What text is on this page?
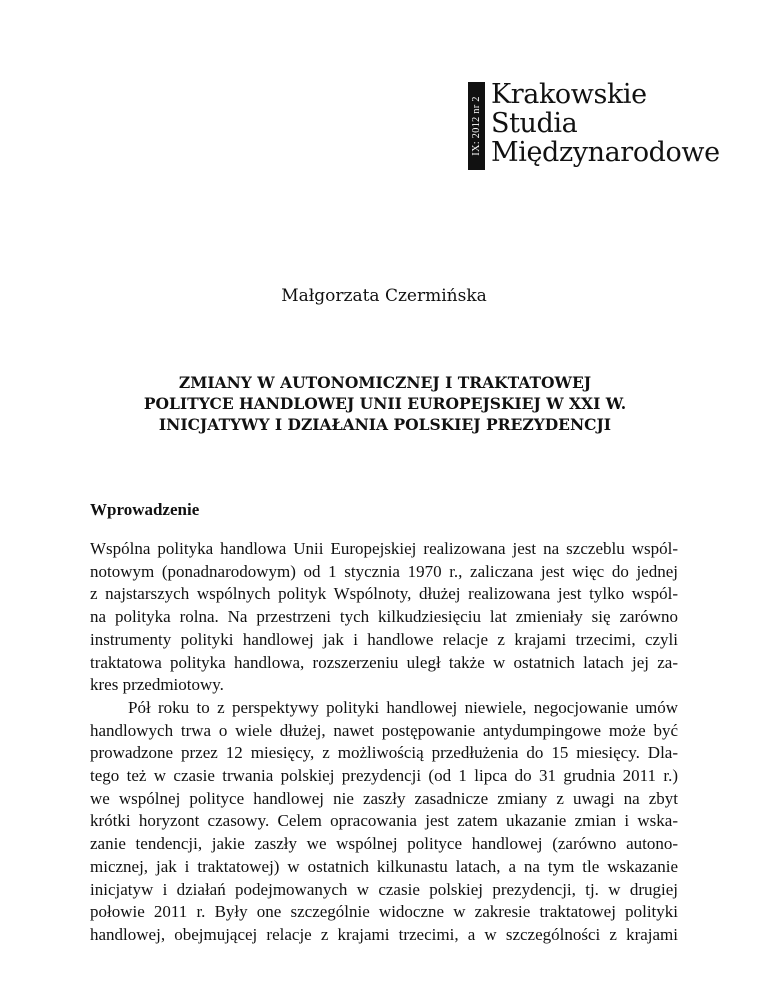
IX: 2012 nr 2
Krakowskie
Studia
Międzynarodowe

Małgorzata Czermińska

ZMIANY W AUTONOMICZNEJ I TRAKTATOWEJ
POLITYCE HANDLOWEJ UNII EUROPEJSKIEJ W XXI W.
INICJATYWY I DZIAŁANIA POLSKIEJ PREZYDENCJI
Wprowadzenie

Wspólna polityka handlowa Unii Europejskiej realizowana jest na szczeblu wspól-

notowym (ponadnarodowym) od 1 stycznia 1970 r., zaliczana jest więc do jednej

z najstarszych wspólnych polityk Wspólnoty, dłużej realizowana jest tylko wspól-

na polityka rolna. Na przestrzeni tych kilkudziesięciu lat zmieniały się zarówno

instrumenty polityki handlowej jak i handlowe relacje z krajami trzecimi, czyli

traktatowa polityka handlowa, rozszerzeniu uległ także w ostatnich latach jej za-

kres przedmiotowy.

Pół roku to z perspektywy polityki handlowej niewiele, negocjowanie umów

handlowych trwa o wiele dłużej, nawet postępowanie antydumpingowe może być

prowadzone przez 12 miesięcy, z możliwością przedłużenia do 15 miesięcy. Dla-

tego też w czasie trwania polskiej prezydencji (od 1 lipca do 31 grudnia 2011 r.)

we wspólnej polityce handlowej nie zaszły zasadnicze zmiany z uwagi na zbyt

krótki horyzont czasowy. Celem opracowania jest zatem ukazanie zmian i wska-

zanie tendencji, jakie zaszły we wspólnej polityce handlowej (zarówno autono-

micznej, jak i traktatowej) w ostatnich kilkunastu latach, a na tym tle wskazanie

inicjatyw i działań podejmowanych w czasie polskiej prezydencji, tj. w drugiej

połowie 2011 r. Były one szczególnie widoczne w zakresie traktatowej polityki

handlowej, obejmującej relacje z krajami trzecimi, a w szczególności z krajami
